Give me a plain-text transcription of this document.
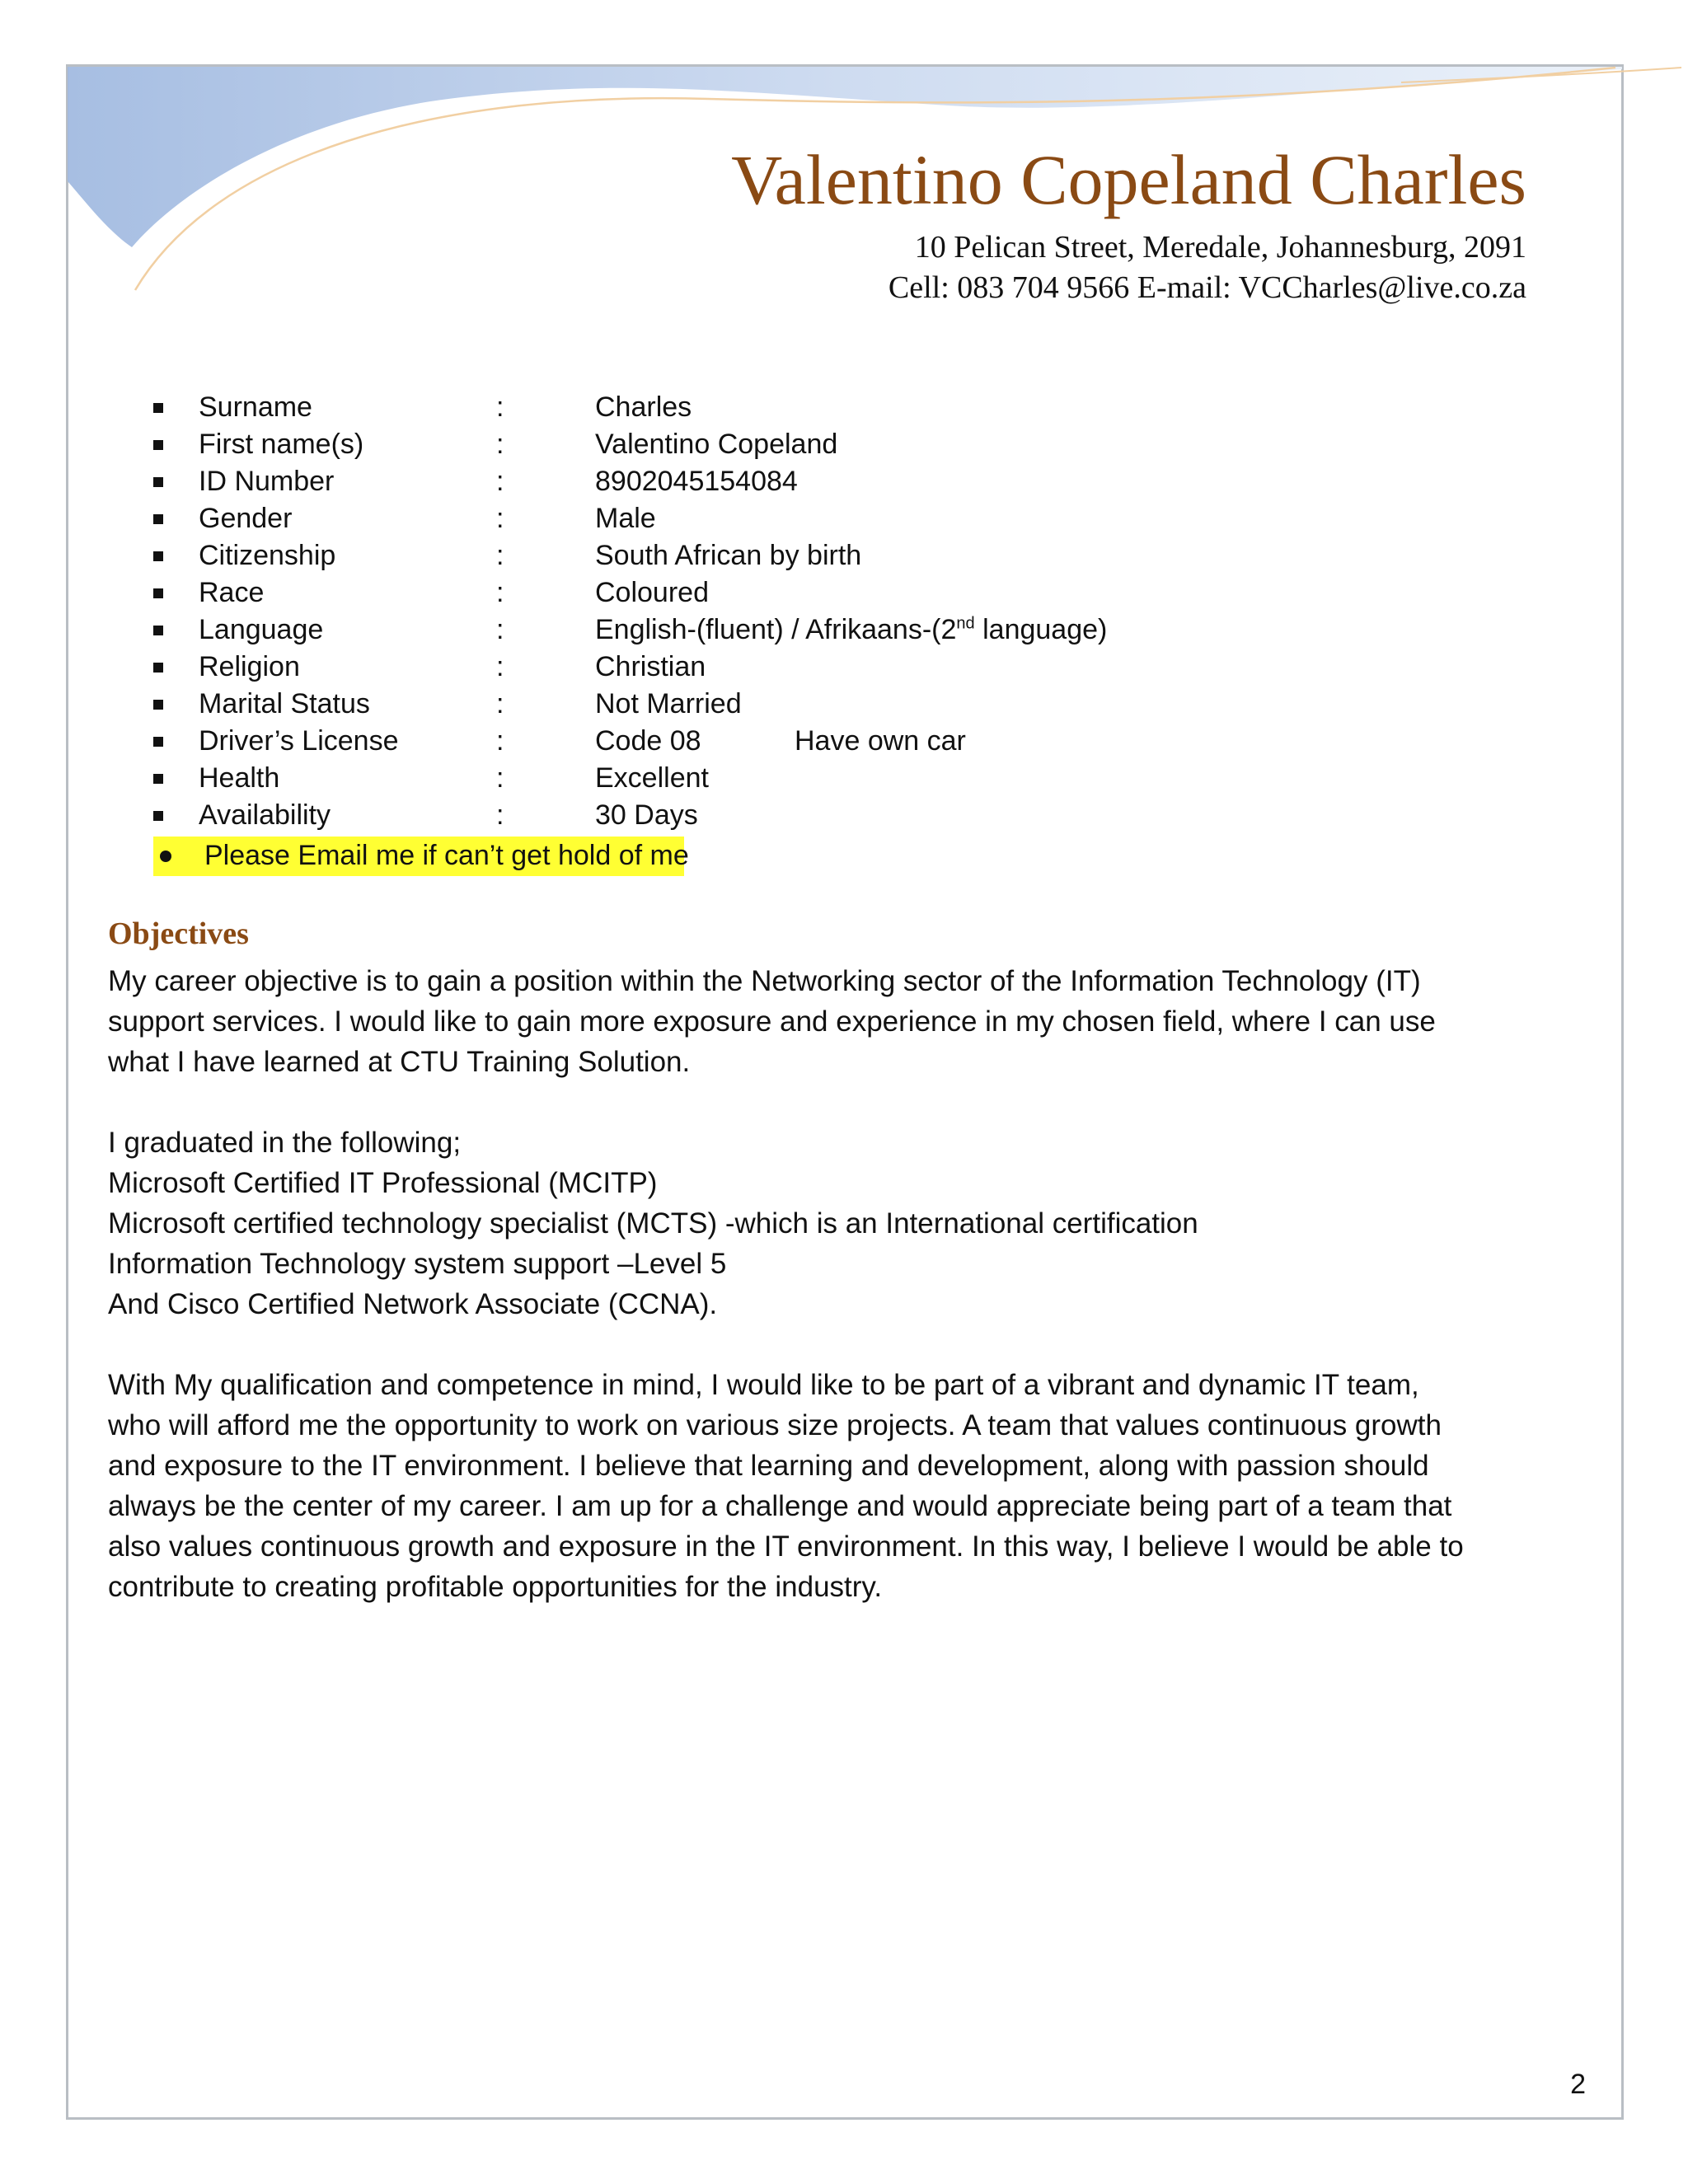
Valentino Copeland Charles
10 Pelican Street, Meredale, Johannesburg, 2091
Cell: 083 704 9566 E-mail: VCCharles@live.co.za
Surname	:	Charles
First name(s)	:	Valentino Copeland
ID Number	:	8902045154084
Gender	:	Male
Citizenship	:	South African by birth
Race	:	Coloured
Language	:	English-(fluent) / Afrikaans-(2nd language)
Religion	:	Christian
Marital Status	:	Not Married
Driver’s License	:	Code 08	Have own car
Health	:	Excellent
Availability	:	30 Days
Please Email me if can’t get hold of me
Objectives
My career objective is to gain a position within the Networking sector of the Information Technology (IT)
support services. I would like to gain more exposure and experience in my chosen field, where I can use
what I have learned at CTU Training Solution.
I graduated in the following;
Microsoft Certified IT Professional (MCITP)
Microsoft certified technology specialist (MCTS) -which is an International certification
Information Technology system support –Level 5
And Cisco Certified Network Associate (CCNA).
With My qualification and competence in mind, I would like to be part of a vibrant and dynamic IT team,
who will afford me the opportunity to work on various size projects. A team that values continuous growth
and exposure to the IT environment. I believe that learning and development, along with passion should
always be the center of my career. I am up for a challenge and would appreciate being part of a team that
also values continuous growth and exposure in the IT environment. In this way, I believe I would be able to
contribute to creating profitable opportunities for the industry.
2
